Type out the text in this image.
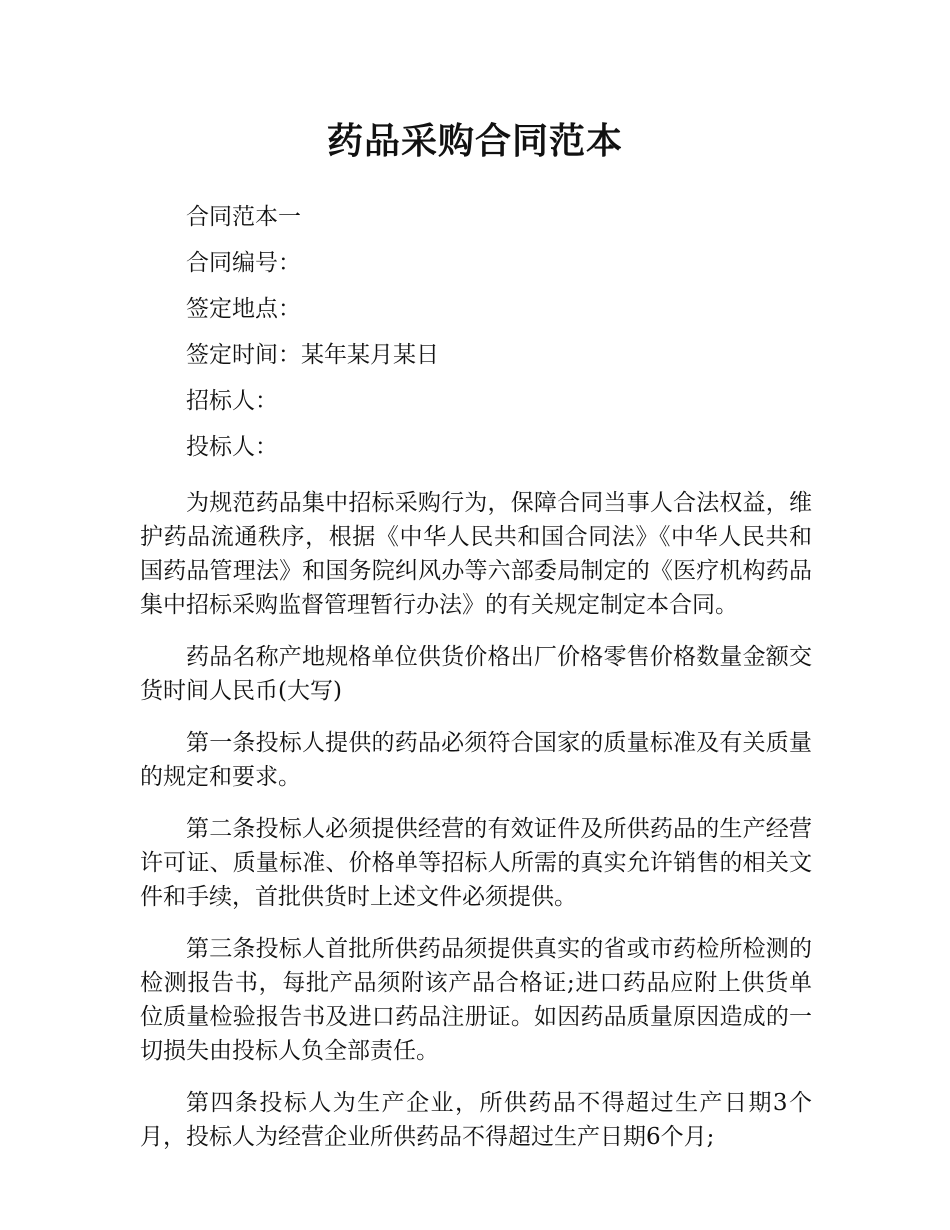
药品采购合同范本

合同范本一

合同编号：

签定地点：

签定时间：某年某月某日

招标人：

投标人：

为规范药品集中招标采购行为，保障合同当事人合法权益，维护药品流通秩序，根据《中华人民共和国合同法》《中华人民共和国药品管理法》和国务院纠风办等六部委局制定的《医疗机构药品集中招标采购监督管理暂行办法》的有关规定制定本合同。

药品名称产地规格单位供货价格出厂价格零售价格数量金额交货时间人民币(大写)

第一条投标人提供的药品必须符合国家的质量标准及有关质量的规定和要求。

第二条投标人必须提供经营的有效证件及所供药品的生产经营许可证、质量标准、价格单等招标人所需的真实允许销售的相关文件和手续，首批供货时上述文件必须提供。

第三条投标人首批所供药品须提供真实的省或市药检所检测的检测报告书，每批产品须附该产品合格证;进口药品应附上供货单位质量检验报告书及进口药品注册证。如因药品质量原因造成的一切损失由投标人负全部责任。

第四条投标人为生产企业，所供药品不得超过生产日期3个月，投标人为经营企业所供药品不得超过生产日期6个月;
